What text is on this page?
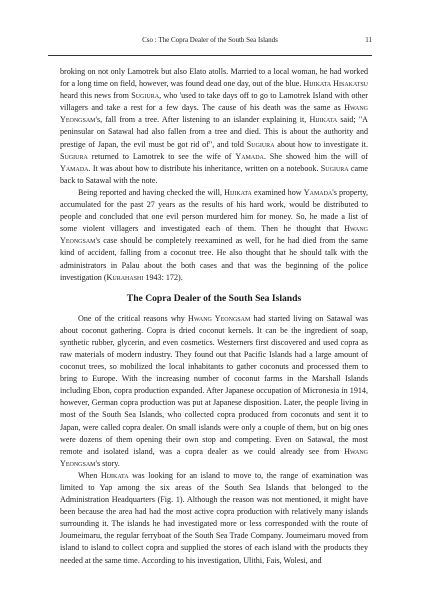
Cso : The Copra Dealer of the South Sea Islands	11

broking on not only Lamotrek but also Elato atolls. Married to a local woman, he had worked for a long time on field, however, was found dead one day, out of the blue. Hijikata Hisakatsu heard this news from Sugiura, who 'used to take days off to go to Lamotrek Island with other villagers and take a rest for a few days. The cause of his death was the same as Hwang Yeongsam's, fall from a tree. After listening to an islander explaining it, Hijikata said; "A peninsular on Satawal had also fallen from a tree and died. This is about the authority and prestige of Japan, the evil must be got rid of", and told Sugiura about how to investigate it. Sugiura returned to Lamotrek to see the wife of Yamada. She showed him the will of Yamada. It was about how to distribute his inheritance, written on a notebook. Sugiura came back to Satawal with the note.

Being reported and having checked the will, Hijikata examined how Yamada's property, accumulated for the past 27 years as the results of his hard work, would be distributed to people and concluded that one evil person murdered him for money. So, he made a list of some violent villagers and investigated each of them. Then he thought that Hwang Yeongsam's case should be completely reexamined as well, for he had died from the same kind of accident, falling from a coconut tree. He also thought that he should talk with the administrators in Palau about the both cases and that was the beginning of the police investigation (Kurahashi 1943: 172).

The Copra Dealer of the South Sea Islands

One of the critical reasons why Hwang Yeongsam had started living on Satawal was about coconut gathering. Copra is dried coconut kernels. It can be the ingredient of soap, synthetic rubber, glycerin, and even cosmetics. Westerners first discovered and used copra as raw materials of modern industry. They found out that Pacific Islands had a large amount of coconut trees, so mobilized the local inhabitants to gather coconuts and processed them to bring to Europe. With the increasing number of coconut farms in the Marshall Islands including Ebon, copra production expanded. After Japanese occupation of Micronesia in 1914, however, German copra production was put at Japanese disposition. Later, the people living in most of the South Sea Islands, who collected copra produced from coconuts and sent it to Japan, were called copra dealer. On small islands were only a couple of them, but on big ones were dozens of them opening their own stop and competing. Even on Satawal, the most remote and isolated island, was a copra dealer as we could already see from Hwang Yeongsam's story.

When Hijikata was looking for an island to move to, the range of examination was limited to Yap among the six areas of the South Sea Islands that belonged to the Administration Headquarters (Fig. 1). Although the reason was not mentioned, it might have been because the area had had the most active copra production with relatively many islands surrounding it. The islands he had investigated more or less corresponded with the route of Joumeimaru, the regular ferryboat of the South Sea Trade Company. Joumeimaru moved from island to island to collect copra and supplied the stores of each island with the products they needed at the same time. According to his investigation, Ulithi, Fais, Wolesi, and
